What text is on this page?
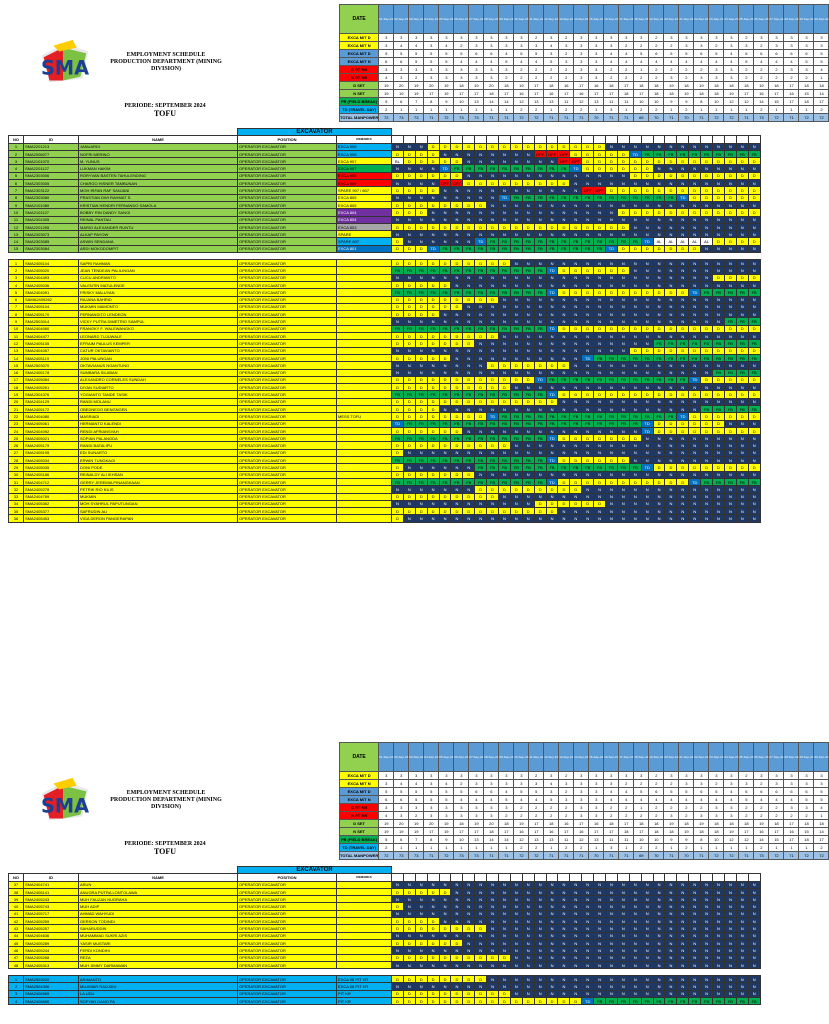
SMA
EMPLOYMENT SCHEDULE
PRODUCTION DEPARTMENT (MINING DIVISION)
PERIODE: SEPTEMBER 2024
TOFU
DATE	01-Sep-24	02-Sep-24	03-Sep-24	04-Sep-24	05-Sep-24	06-Sep-24	07-Sep-24	08-Sep-24	09-Sep-24	10-Sep-24	11-Sep-24	12-Sep-24	13-Sep-24	14-Sep-24	15-Sep-24	16-Sep-24	17-Sep-24	18-Sep-24	19-Sep-24	20-Sep-24	21-Sep-24	22-Sep-24	23-Sep-24	24-Sep-24	25-Sep-24	26-Sep-24	27-Sep-24	28-Sep-24	29-Sep-24	30-Sep-24
EXCA M/T D	3	3	3	3	3	3	3	3	3	3	2	3	2	3	3	3	3	3	2	3	3	3	3	3	2	3	3	3	3	3
EXCA M/T N	3	4	4	3	4	2	3	3	3	3	3	4	3	3	3	3	2	2	2	2	3	3	2	3	3	2	3	3	3	3
EXCA M/T D	5	5	5	5	5	5	6	6	4	5	5	3	2	3	3	4	4	5	6	5	5	6	5	4	6	6	6	6	6	5
EXCA M/T N	6	6	5	5	5	4	4	4	5	4	4	5	3	3	3	4	4	4	4	4	4	4	4	4	5	4	4	4	5	5
D RT NR	3	3	3	3	3	3	3	3	3	2	2	2	2	3	3	2	2	1	2	2	2	2	3	3	2	2	2	3	3	4
N RT NR	4	3	2	3	3	3	3	3	2	2	2	2	2	3	3	2	2	2	2	3	2	3	3	3	2	2	2	2	2	1
D SET	19	20	19	20	19	18	19	20	18	19	17	18	16	17	16	18	17	18	18	19	18	19	18	18	18	19	18	17	18	18
N SET	19	19	19	17	19	17	17	18	17	16	17	16	17	16	17	17	18	17	18	18	19	18	18	19	17	16	17	16	15	14
FB (FIELD BREAK)	5	6	7	8	9	10	13	14	14	12	13	13	11	12	13	11	11	10	10	9	9	8	10	12	12	14	15	17	18	17
TD (TRAVEL DAY)	2	1	1	1	1	1	1	1	1	2	2	1	2	2	1	3	1	2	2	1	2	1	1	1	1	2	1	1	1	2
TOTAL MANPOWER	72	73	73	71	72	73	73	71	71	72	72	71	71	71	70	71	71	69	70	71	70	71	72	72	71	73	72	71	72	72
			EXCAVATOR																																
NO	ID	NAME	POSITION	REMARKS																															
1	SMA2201213	JANUARDI	OPERATOR EXCAVATOR	EXCA 908	N	N	N	D	D	D	D	D	D	D	D	D	D	D	D	D	D	D	N	N	N	N	N	N	N	N	N	N	N	N	N
2	SMA2006077	NOFRI MERINO	OPERATOR EXCAVATOR	EXCA 908	D	D	D	D	N	N	N	N	N	N	N	N	OFF	OFF	OFF	D	D	D	D	D	TD	FB	FB	FB	FB	FB	FB	FB	FB	FB	FB
3	SMA2101070	M. YUNUS	OPERATOR EXCAVATOR	EXCA 907	BL	D	D	D	D	D	N	N	N	N	N	N	N	N	OFF	OFF	D	D	D	D	D	D	D	D	D	D	D	D	D	D	D
4	SMA2201127	LUKMAN HAKIM	OPERATOR EXCAVATOR	EXCA 907	N	N	N	N	TD	FB	FB	FB	FB	FB	FB	FB	FB	FB	FB	TD	D	D	D	D	D	D	N	N	N	N	N	N	N	N	N
5	SMA2303006	RORYVAN BASTEN TAHULENDING	OPERATOR EXCAVATOR	EXCA 906	D	D	D	D	D	D	N	N	N	N	N	N	N	N	N	N	N	N	N	N	D	D	D	D	D	D	D	D	D	D	D
6	SMA2303005	CHARGO HISNER TAMBUNAN	OPERATOR EXCAVATOR	EXCA 906	N	N	N	N	OFF	OFF	D	D	D	D	D	D	D	D	D	N	N	N	N	N	N	N	N	N	N	N	N	N	N	N	N
7	SMA2303122	MOH IRFAN RAF SANJANI	OPERATOR EXCAVATOR	SPARE 907 / 807	D	D	D	D	N	N	N	N	N	N	N	N	N	N	N	N	OFF	OFF	D	D	D	D	D	D	D	D	D	D	D	D	D
8	SMA2303080	PRASTIAN DWI RAHMAT S.	OPERATOR EXCAVATOR	EXCA 805	N	N	N	N	N	N	N	N	N	TD	FB	FB	FB	FB	FB	FB	FB	FB	FB	FB	FB	FB	FB	FB	TD	D	D	D	D	D	D
9	SMA2101080	KRISTIAN HENDRI FERNANDO SAMOLA	OPERATOR EXCAVATOR	EXCA 805	D	D	D	D	D	D	D	D	N	N	N	N	N	N	N	N	N	N	N	N	N	N	N	N	N	N	N	N	N	N	N
10	SMA2101127	BOBBY RIN DANDY SANGI	OPERATOR EXCAVATOR	EXCA 804	D	D	D	N	N	N	N	N	N	N	N	N	N	N	N	N	N	N	N	D	D	D	D	D	D	D	D	D	D	D	D
11	SMA2304305	REINAL PANTAU	OPERATOR EXCAVATOR	EXCA 804	N	N	N	N	N	N	N	N	N	N	N	N	N	N	N	N	N	N	N	N	N	N	N	N	N	N	N	N	N	N	N
12	SMA2201255	MARIO ALEXANDER RUNTU	OPERATOR EXCAVATOR	EXCA 803	D	D	D	D	D	D	D	D	D	D	D	D	D	D	D	D	D	D	D	D	N	N	N	N	N	N	N	N	N	N	N
13	SMA2303073	ALKAP PAYOW	OPERATOR EXCAVATOR	SPARE	N	N	N	N	N	N	N	N	N	N	N	N	N	N	N	N	N	N	N	N	N	N	N	N	N	N	N	N	N	N	N
14	SMA2303085	ASWIN SENDANA	OPERATOR EXCAVATOR	SPARE 807	D	N	N	N	N	N	N	TD	FB	FB	FB	FB	FB	FB	FB	FB	FB	FB	FB	FB	FB	TD	AL	AL	AL	AL	AL	D	D	D	D
15	SMA2303084	ARDI MOKODOMPIT	OPERATOR EXCAVATOR	EXCA 801	D	D	D	TD	FB	FB	FB	FB	FB	FB	FB	FB	FB	FB	FB	FB	FB	FB	TD	D	D	D	D	D	D	D	N	N	N	N	N

1	SMA2405104	SAPRI RAHMAN	OPERATOR EXCAVATOR		D	D	D	D	D	D	D	D	D	D	N	N	N	N	N	N	N	N	N	N	N	N	N	N	N	N	N	N	N	N	N
2	SMA2405020	JEAN TENDEAN PALILINGAN	OPERATOR EXCAVATOR		FB	FB	FB	FB	FB	FB	FB	FB	FB	FB	FB	FB	FB	TD	D	D	D	D	D	D	N	N	N	N	N	N	N	N	N	N	N
3	SMA2404493	CUCU ANDRIANTO	OPERATOR EXCAVATOR		N	N	N	N	N	N	N	N	N	N	N	N	N	N	N	N	N	N	N	N	N	N	N	N	N	N	N	D	D	D	D
4	SMA2405036	VALENTIN MATULENDE	OPERATOR EXCAVATOR		D	D	D	D	D	N	N	N	N	N	N	N	N	N	N	N	N	N	N	N	N	N	N	N	N	N	N	N	N	N	N
5	SMA2404091	FRISKY MALUYAN	OPERATOR EXCAVATOR		FB	FB	FB	FB	FB	FB	FB	FB	FB	FB	FB	FB	FB	TD	D	D	D	D	D	D	D	D	D	D	D	TD	FB	FB	FB	FB	FB
6	SAMA2405262	RAJANA BAHRID	OPERATOR EXCAVATOR		D	D	D	D	D	D	D	D	D	N	N	N	N	N	N	N	N	N	N	N	N	N	N	N	N	N	N	N	N	N	N
7	SMA2405104	MUKMIN MAMONTO	OPERATOR EXCAVATOR		D	D	D	D	D	D	N	N	N	N	N	N	N	N	N	N	N	N	N	N	N	N	N	N	N	N	N	N	N	N	N
8	SMA2405170	FERNANDITO LENDEON	OPERATOR EXCAVATOR		D	D	D	D	N	N	N	N	N	N	N	N	N	N	N	N	N	N	N	N	N	N	N	N	N	N	N	N	N	N	N
9	SMA2503014	VICKY PUTRA DIMETRIO SAMPUL	OPERATOR EXCAVATOR		N	N	N	N	N	N	N	N	N	N	N	N	N	N	N	N	N	N	N	N	N	N	N	N	N	N	N	N	FB	FB	FB
10	SMA2404060	FRANGKY F. WALEWANGKO	OPERATOR EXCAVATOR		FB	FB	FB	FB	FB	FB	FB	FB	FB	FB	FB	FB	FB	TD	D	D	D	D	D	D	D	D	D	D	D	D	D	D	D	D	D
11	SMA2404477	LEONARD TUJUWALE	OPERATOR EXCAVATOR		D	D	D	D	D	D	D	D	D	N	N	N	N	N	N	N	N	N	N	N	N	N	N	N	N	N	N	N	N	N	N
12	SMA2405155	EFRAIM PAULUS KEMPER	OPERATOR EXCAVATOR		D	D	D	D	D	D	D	N	N	N	N	N	N	N	N	N	N	N	N	N	N	N	FB	FB	FB	FB	FB	FB	FB	FB	FB
13	SMA2404057	CATUR OKTAVIANTO	OPERATOR EXCAVATOR		N	N	N	N	N	N	N	N	N	N	N	N	N	N	N	N	N	N	N	N	D	D	D	D	D	D	D	D	D	D	D
14	SMA2405119	JONI PALUNGAN	OPERATOR EXCAVATOR		D	D	D	D	D	N	N	N	N	N	N	N	N	N	N	N	TD	FB	FB	FB	FB	FB	FB	FB	FB	FB	FB	FB	FB	FB	FB
15	SMA2503070	OKTAVIANUS NGANTUNG	OPERATOR EXCAVATOR		N	N	N	N	N	N	N	N	D	D	D	D	D	D	D	N	N	N	N	N	N	N	N	N	N	N	N	N	N	N	N
16	SMA2405178	SUMBARA SILABAN	OPERATOR EXCAVATOR		N	N	N	N	N	N	N	N	N	N	N	N	N	N	N	N	N	N	N	N	N	N	N	N	N	N	N	FB	FB	FB	FB
17	SMA2405084	ALEXANDRO CORNELES SUNDAH	OPERATOR EXCAVATOR		D	D	D	D	D	D	D	D	D	D	D	D	TD	FB	FB	FB	FB	FB	FB	FB	FB	FB	FB	FB	FB	TD	D	D	D	D	D
18	SMA2405261	DIYAN SUDIARTO	OPERATOR EXCAVATOR		D	D	D	D	D	D	D	D	D	D	N	N	N	N	N	N	N	N	N	N	N	N	N	N	N	N	N	N	N	N	N
19	SMA2304376	YOGIANTO TANDE TASIK	OPERATOR EXCAVATOR		FB	FB	FB	FB	FB	FB	FB	FB	FB	FB	FB	FB	FB	TD	D	D	D	D	D	D	D	D	D	D	D	D	D	D	D	D	D
20	SMA2404129	RANDI MOLANU	OPERATOR EXCAVATOR		D	D	D	D	D	D	D	D	D	D	D	D	D	D	N	N	N	N	N	N	N	N	N	N	N	N	N	N	N	N	N
21	SMA2405172	OBEDNEGO BENGNGEN	OPERATOR EXCAVATOR		D	D	D	D	N	N	N	N	N	N	N	N	N	N	N	N	N	N	N	N	N	N	N	N	N	N	FB	FB	FB	FB	FB
22	SMA2404080	MASRIADI	OPERATOR EXCAVATOR	MESS TOFU	D	D	D	D	D	D	D	D	TD	FB	FB	FB	FB	FB	FB	FB	FB	FB	FB	FB	FB	FB	FB	FB	TD	D	D	D	D	D	D
23	SMA2405061	HERMANTO KALENDI	OPERATOR EXCAVATOR		TD	FB	FB	FB	FB	FB	FB	FB	FB	FB	FB	FB	FB	FB	FB	FB	FB	FB	FB	FB	FB	TD	D	D	D	D	D	D	N	N	N
24	SMA2404092	RENDI AFRIANSYAH	OPERATOR EXCAVATOR		D	D	D	D	D	D	N	N	N	N	N	N	N	N	N	N	N	N	N	N	N	TD	D	D	D	D	D	D	D	D	D
25	SMA2405021	SOPIAN PALANGDA	OPERATOR EXCAVATOR		FB	FB	FB	FB	FB	FB	FB	FB	FB	FB	FB	FB	FB	TD	D	D	D	D	D	D	D	N	N	N	N	N	N	N	N	N	N
26	SMA2405179	RANDI BATALIPU	OPERATOR EXCAVATOR		D	D	D	D	D	D	D	D	D	D	N	N	N	N	N	N	N	N	N	N	N	N	N	N	N	N	N	N	N	N	N
27	SMA2405195	EDI SUNARTO	OPERATOR EXCAVATOR		D	N	N	N	N	N	N	N	N	N	N	N	N	N	N	N	N	N	N	N	N	N	N	N	N	N	N	N	N	N	N
28	SMA2405034	ERWIN TUNGKAGI	OPERATOR EXCAVATOR		FB	FB	FB	FB	FB	FB	FB	FB	FB	FB	FB	FB	FB	TD	D	D	D	D	D	D	N	N	N	N	N	N	N	N	N	N	N
29	SMA2405035	DONI PODE	OPERATOR EXCAVATOR		D	N	N	N	N	N	N	FB	FB	FB	FB	FB	FB	FB	FB	FB	FB	FB	FB	FB	FB	TD	D	D	D	D	D	D	D	D	D
30	SMA2405186	REINALDY ALI IKHSAN	OPERATOR EXCAVATOR		D	D	D	D	D	D	D	N	N	N	N	N	N	N	N	N	N	N	N	N	N	N	N	N	N	N	N	N	N	N	N
31	SMA2404712	GERRY JEREMIA PINANGKAAN	OPERATOR EXCAVATOR		FB	FB	FB	FB	FB	FB	FB	FB	FB	FB	FB	FB	FB	TD	D	D	D	D	D	D	D	D	D	D	D	TD	FB	FB	FB	FB	FB
32	SMA2405278	PETRIK RIO KILIS	OPERATOR EXCAVATOR		N	N	N	N	N	N	N	D	D	D	D	D	D	D	D	D	N	N	N	N	N	N	N	N	N	N	N	N	N	N	N
33	SMA2404789	MUKMIN	OPERATOR EXCAVATOR		D	D	D	D	D	D	D	D	D	N	N	N	N	N	N	N	N	N	N	N	N	N	N	N	N	N	N	N	N	N	N
34	SMA2405362	MOH SYAHRUL PAPUTUNGAN	OPERATOR EXCAVATOR		N	N	N	N	N	N	N	N	N	N	N	N	D	D	D	D	D	D	N	N	N	N	N	N	N	N	N	N	N	N	N
35	SMA2405377	SAFRUDIN ALI	OPERATOR EXCAVATOR		D	D	D	D	D	D	D	D	D	D	D	D	D	D	N	N	N	N	N	N	N	N	N	N	N	N	N	N	N	N	N
36	SMA2405453	VIGA DERON PANGERAPAN	OPERATOR EXCAVATOR		D	N	N	N	N	N	N	N	N	N	N	N	N	N	N	N	N	N	N	N	N	N	N	N	N	N	N	N	N	N	N
SMA
EMPLOYMENT SCHEDULE
PRODUCTION DEPARTMENT (MINING DIVISION)
PERIODE: SEPTEMBER 2024
TOFU
DATE	01-Sep-24	02-Sep-24	03-Sep-24	04-Sep-24	05-Sep-24	06-Sep-24	07-Sep-24	08-Sep-24	09-Sep-24	10-Sep-24	11-Sep-24	12-Sep-24	13-Sep-24	14-Sep-24	15-Sep-24	16-Sep-24	17-Sep-24	18-Sep-24	19-Sep-24	20-Sep-24	21-Sep-24	22-Sep-24	23-Sep-24	24-Sep-24	25-Sep-24	26-Sep-24	27-Sep-24	28-Sep-24	29-Sep-24	30-Sep-24
EXCA M/T D	3	3	3	3	3	3	3	3	3	3	2	3	2	3	3	3	3	3	2	3	3	3	3	3	2	3	3	3	3	3
EXCA M/T N	3	4	4	3	4	2	3	3	3	3	3	4	3	3	3	3	2	2	2	2	3	3	2	3	3	2	3	3	3	3
EXCA M/T D	5	5	5	5	5	5	6	6	4	5	5	3	2	3	3	4	4	5	6	5	5	6	5	4	6	6	6	6	6	5
EXCA M/T N	6	6	5	5	5	4	4	4	5	4	4	5	3	3	3	4	4	4	4	4	4	4	4	4	5	4	4	4	5	5
D RT NR	3	3	3	3	3	3	3	3	3	2	2	2	2	3	3	2	2	1	2	2	2	2	3	3	2	2	2	3	3	4
N RT NR	4	3	2	3	3	3	3	3	2	2	2	2	2	3	3	2	2	2	2	3	2	3	3	3	2	2	2	2	2	1
D SET	19	20	19	20	19	18	19	20	18	19	17	18	16	17	16	18	17	18	18	19	18	19	18	18	18	19	18	17	18	18
N SET	19	19	19	17	19	17	17	18	17	16	17	16	17	16	17	17	18	17	18	18	19	18	18	19	17	16	17	16	15	14
FB (FIELD BREAK)	5	6	7	8	9	10	13	14	14	12	13	13	11	12	13	11	11	10	10	9	9	8	10	12	12	14	15	17	18	17
TD (TRAVEL DAY)	2	1	1	1	1	1	1	1	1	2	2	1	2	2	1	3	1	2	2	1	2	1	1	1	1	2	1	1	1	2
TOTAL MANPOWER	72	73	73	71	72	73	73	71	71	72	72	71	71	71	70	71	71	69	70	71	70	71	72	72	71	73	72	71	72	72
			EXCAVATOR																																
NO	ID	NAME	POSITION	REMARKS																															
37	SMA2404741	ARUN	OPERATOR EXCAVATOR		N	N	N	N	N	N	N	N	N	N	N	N	N	N	N	N	N	N	N	N	N	N	N	N	N	N	N	N	N	N	N
38	SMA2405141	ANUGRA PUTRA LONTOLAWA	OPERATOR EXCAVATOR		D	D	D	D	D	N	N	N	N	N	N	N	N	N	N	N	N	N	N	N	N	N	N	N	N	N	N	N	N	N	N
39	SMA2405243	MUH FAUZAN NUGRAHA	OPERATOR EXCAVATOR		N	N	N	N	N	N	N	N	N	N	N	N	N	N	N	N	N	N	N	N	N	N	N	N	N	N	N	N	N	N	N
40	SMA2405743	MUH ADIP	OPERATOR EXCAVATOR		D	N	N	N	N	N	N	N	N	N	N	N	N	N	N	N	N	N	N	N	N	N	N	N	N	N	N	N	N	N	N
41	SMA2405717	AHMAD WAHYUDI	OPERATOR EXCAVATOR		N	N	N	N	N	N	N	N	N	N	N	N	N	N	N	N	N	N	N	N	N	N	N	N	N	N	N	N	N	N	N
42	SMA2405259	GERSON TODINDI	OPERATOR EXCAVATOR		D	D	D	D	N	N	N	N	N	N	N	N	N	N	N	N	N	N	N	N	N	N	N	N	N	N	N	N	N	N	N
43	SMA2405257	SAHARUDDIN	OPERATOR EXCAVATOR		D	D	D	D	D	D	D	D	N	N	N	N	N	N	N	N	N	N	N	N	N	N	N	N	N	N	N	N	N	N	N
44	SMA2404636	MUHAMMAD SUKRI AZIS	OPERATOR EXCAVATOR		N	N	N	N	N	N	N	N	N	N	N	N	N	N	N	N	N	N	N	N	N	N	N	N	N	N	N	N	N	N	N
45	SMA2405289	YASIR MUSTARI	OPERATOR EXCAVATOR		D	D	D	D	D	D	N	N	N	N	N	N	N	N	N	N	N	N	N	N	N	N	N	N	N	N	N	N	N	N	N
46	SMA2405244	FERDI KONDIHI	OPERATOR EXCAVATOR		N	N	N	N	N	N	N	N	N	N	N	N	N	N	N	N	N	N	N	N	N	N	N	N	N	N	N	N	N	N	N
47	SMA2405268	REZA	OPERATOR EXCAVATOR		D	D	D	D	D	D	D	D	D	D	N	N	N	N	N	N	N	N	N	N	N	N	N	N	N	N	N	N	N	N	N
48	SMA2405313	MUH JIMMY DARMAWAN	OPERATOR EXCAVATOR		N	N	N	N	N	N	N	N	N	N	N	N	N	N	N	N	N	N	N	N	N	N	N	N	N	N	N	N	N	N	N

1	SMA2503020	ARIMANTO	OPERATOR EXCAVATOR	EXCA 08 PIT KR	D	D	D	D	D	D	D	D	N	N	N	N	N	N	N	N	N	N	N	N	N	N	N	N	N	N	N	N	N	N	N
2	SMA2504306	MUJIMAR RADJIKU	OPERATOR EXCAVATOR	EXCA 08 PIT KR	N	N	N	N	N	N	N	N	N	N	N	N	N	N	N	N	N	N	N	N	N	N	N	N	N	N	N	N	N	N	N
3	SMA2406589	LA UDU	OPERATOR EXCAVATOR	PIT KR	D	D	D	D	D	D	D	D	D	D	N	N	N	N	N	N	N	N	N	N	N	N	N	N	N	N	N	N	N	N	N
4	SMA2406590	SOFYAN DANO PA	OPERATOR EXCAVATOR	PIT KR	D	D	D	D	D	D	D	D	D	D	D	D	D	D	D	D	TD	FB	FB	FB	FB	FB	FB	FB	FB	FB	FB	FB	FB	FB	FB
